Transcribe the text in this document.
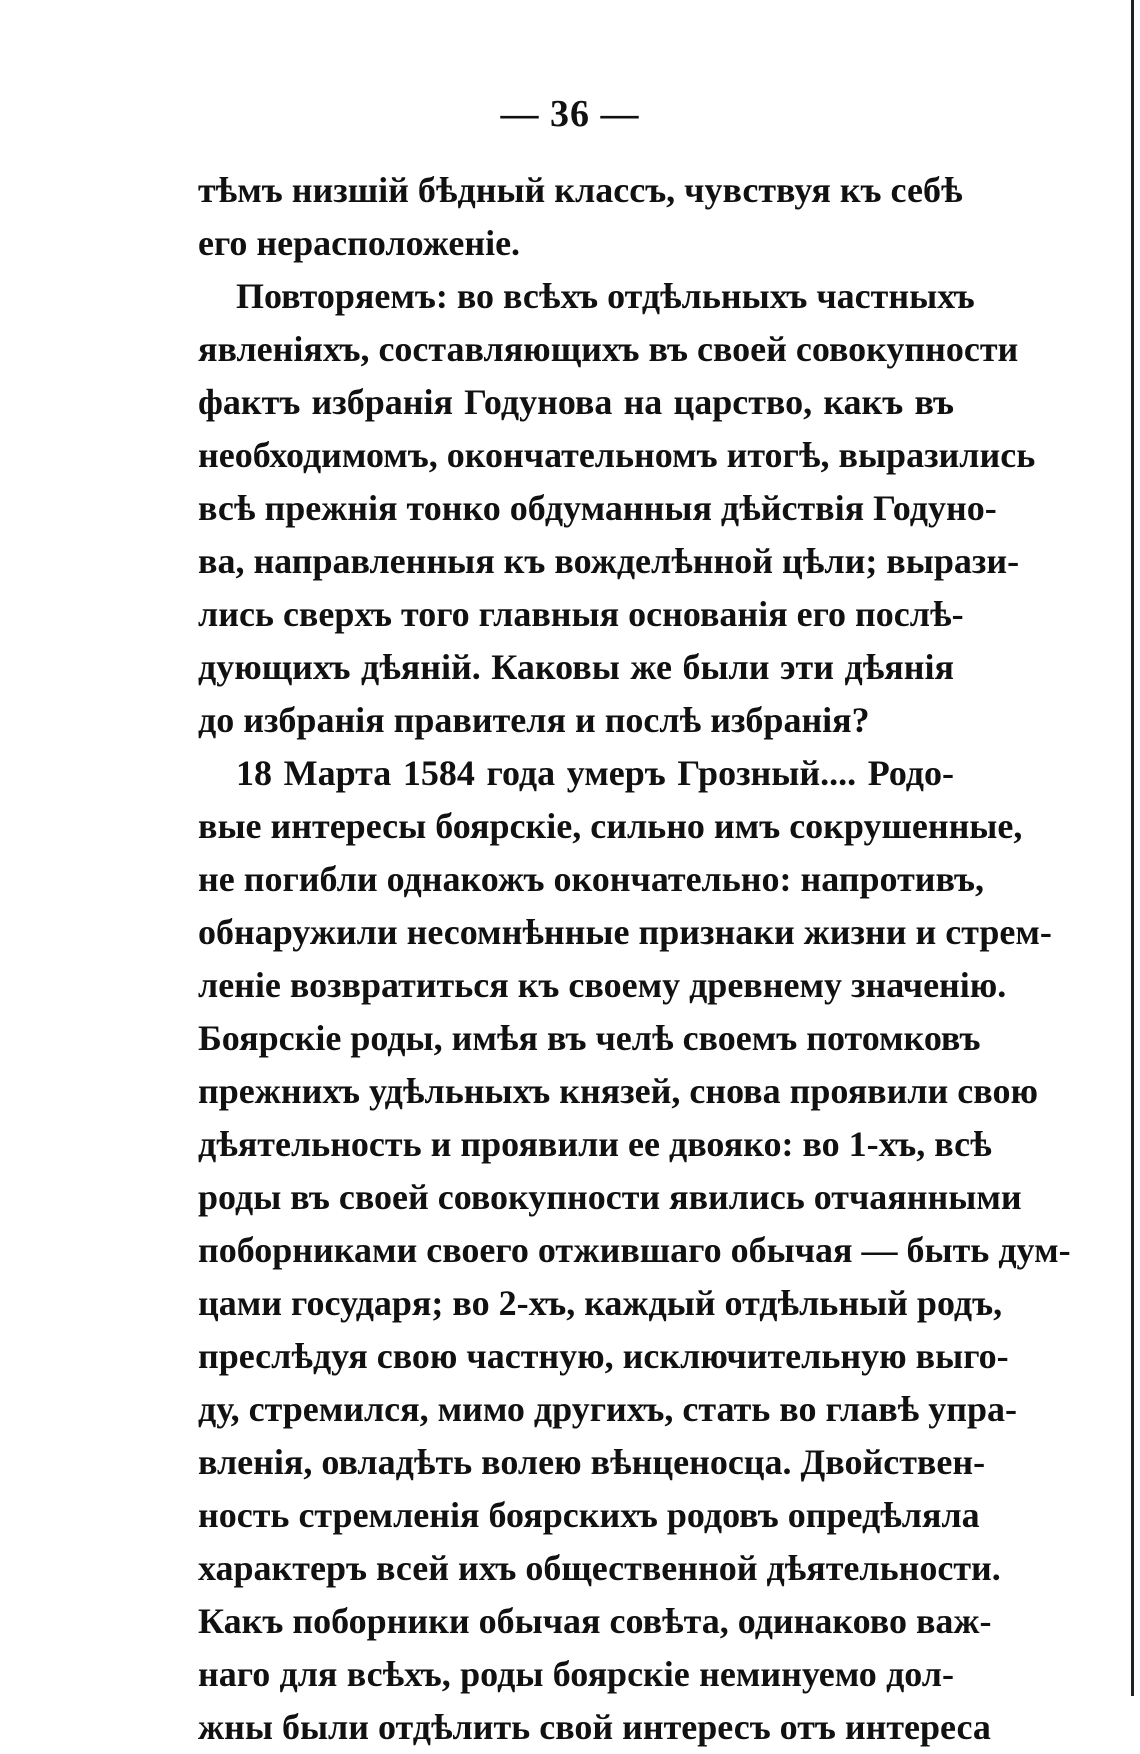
— 36 —
тѣмъ низшій бѣдный классъ, чувствуя къ себѣ
его нерасположеніе.
Повторяемъ: во всѣхъ отдѣльныхъ частныхъ
явленіяхъ, составляющихъ въ своей совокупности
фактъ избранія Годунова на царство, какъ въ
необходимомъ, окончательномъ итогѣ, выразились
всѣ прежнія тонко обдуманныя дѣйствія Годуно-
ва, направленныя къ вожделѣнной цѣли; вырази-
лись сверхъ того главныя основанія его послѣ-
дующихъ дѣяній. Каковы же были эти дѣянія
до избранія правителя и послѣ избранія?
18 Марта 1584 года умеръ Грозный.... Родо-
вые интересы боярскіе, сильно имъ сокрушенные,
не погибли однакожъ окончательно: напротивъ,
обнаружили несомнѣнные признаки жизни и стрем-
леніе возвратиться къ своему древнему значенію.
Боярскіе роды, имѣя въ челѣ своемъ потомковъ
прежнихъ удѣльныхъ князей, снова проявили свою
дѣятельность и проявили ее двояко: во 1-хъ, всѣ
роды въ своей совокупности явились отчаянными
поборниками своего отжившаго обычая — быть дум-
цами государя; во 2-хъ, каждый отдѣльный родъ,
преслѣдуя свою частную, исключительную выго-
ду, стремился, мимо другихъ, стать во главѣ упра-
вленія, овладѣть волею вѣнценосца. Двойствен-
ность стремленія боярскихъ родовъ опредѣляла
характеръ всей ихъ общественной дѣятельности.
Какъ поборники обычая совѣта, одинаково важ-
наго для всѣхъ, роды боярскіе неминуемо дол-
жны были отдѣлить свой интересъ отъ интереса
